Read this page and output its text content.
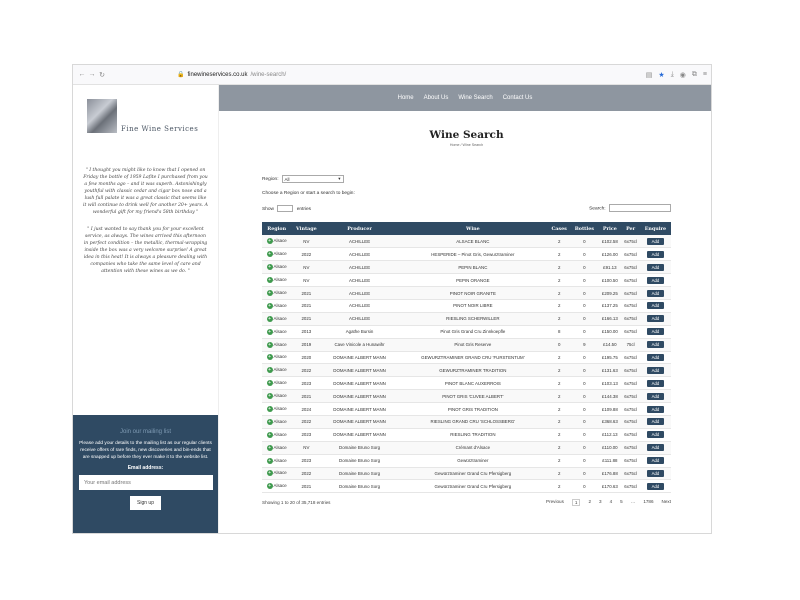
← → ↻	🔒 finewineservices.co.uk /wine-search/	▤ ★ ⤓ ◉ ⧉ ≡
Fine Wine Services

" I thought you might like to know that I opened on Friday the bottle of 1959 Lafite I purchased from you a few months ago – and it was superb. Astonishingly youthful with classic cedar and cigar box nose and a lush full palate it was a great classic that seems like it will continue to drink well for another 20+ years. A wonderful gift for my friend's 58th birthday "

" I just wanted to say thank you for your excellent service, as always. The wines arrived this afternoon in perfect condition – the metallic, thermal-wrapping inside the box was a very welcome surprise! A great idea in this heat! It is always a pleasure dealing with companies who take the same level of care and attention with these wines as we do. "

Join our mailing list

Please add your details to the mailing list as our regular clients receive offers of rare finds, new discoveries and bin-ends that are snapped up before they ever make it to the website list.

Email address:
Your email address Sign up
Home About Us Wine Search Contact Us
Wine Search
Home / Wine Search
Region: All	▾
Choose a Region or start a search to begin:
Show	entries	Search:
Region	Vintage	Producer	Wine	Cases	Bottles	Price	Per	Enquire
+ Alsace	NV	ACHILLEE	ALSACE BLANC	2	0	£102.58	6x75cl	Add
+ Alsace	2022	ACHILLEE	HESPERIDE – Pinot Gris, Gewurztraminer	2	0	£126.00	6x75cl	Add
+ Alsace	NV	ACHILLEE	PEPIN BLANC	2	0	£91.13	6x75cl	Add
+ Alsace	NV	ACHILLEE	PEPIN ORANGE	2	0	£100.50	6x75cl	Add
+ Alsace	2021	ACHILLEE	PINOT NOIR GRANITE	2	0	£209.25	6x75cl	Add
+ Alsace	2021	ACHILLEE	PINOT NOIR LIBRE	2	0	£137.25	6x75cl	Add
+ Alsace	2021	ACHILLEE	RIESLING SCHERWILLER	2	0	£166.13	6x75cl	Add
+ Alsace	2013	Agathe Bursin	Pinot Gris Grand Cru Zinnkoepfle	8	0	£150.00	6x75cl	Add
+ Alsace	2019	Cave Vinicole a Hunawihr	Pinot Gris Reserve	0	9	£14.50	75cl	Add
+ Alsace	2020	DOMAINE ALBERT MANN	GEWURZTRAMINER GRAND CRU 'FURSTENTUM'	2	0	£195.75	6x75cl	Add
+ Alsace	2022	DOMAINE ALBERT MANN	GEWURZTRAMINER TRADITION	2	0	£131.63	6x75cl	Add
+ Alsace	2023	DOMAINE ALBERT MANN	PINOT BLANC AUXERROIS	2	0	£103.13	6x75cl	Add
+ Alsace	2021	DOMAINE ALBERT MANN	PINOT GRIS 'CUVEE ALBERT'	2	0	£144.38	6x75cl	Add
+ Alsace	2024	DOMAINE ALBERT MANN	PINOT GRIS TRADITION	2	0	£109.88	6x75cl	Add
+ Alsace	2022	DOMAINE ALBERT MANN	RIESLING GRAND CRU 'SCHLOSSBERG'	2	0	£368.63	6x75cl	Add
+ Alsace	2023	DOMAINE ALBERT MANN	RIESLING TRADITION	2	0	£112.13	6x75cl	Add
+ Alsace	NV	Domaine Bruno Sorg	Crémant d'Alsace	2	0	£110.00	6x75cl	Add
+ Alsace	2023	Domaine Bruno Sorg	Gewürztraminer	2	0	£111.88	6x75cl	Add
+ Alsace	2022	Domaine Bruno Sorg	Gewürztraminer Grand Cru Pfersigberg	2	0	£176.88	6x75cl	Add
+ Alsace	2021	Domaine Bruno Sorg	Gewürztraminer Grand Cru Pfersigberg	2	0	£170.63	6x75cl	Add
Showing 1 to 20 of 35,718 entries	Previous	1	2 3 4 5 … 1786 Next
